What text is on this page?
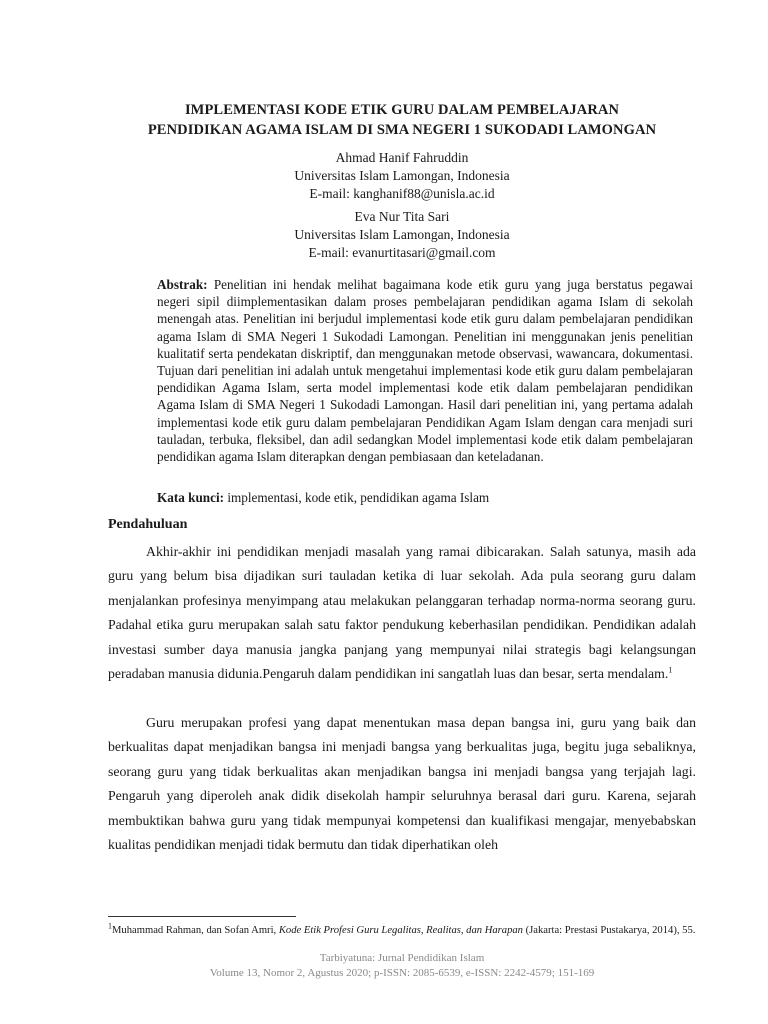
IMPLEMENTASI KODE ETIK GURU DALAM PEMBELAJARAN
PENDIDIKAN AGAMA ISLAM DI SMA NEGERI 1 SUKODADI LAMONGAN
Ahmad Hanif Fahruddin
Universitas Islam Lamongan, Indonesia
E-mail: kanghanif88@unisla.ac.id
Eva Nur Tita Sari
Universitas Islam Lamongan, Indonesia
E-mail: evanurtitasari@gmail.com
Abstrak: Penelitian ini hendak melihat bagaimana kode etik guru yang juga berstatus pegawai negeri sipil diimplementasikan dalam proses pembelajaran pendidikan agama Islam di sekolah menengah atas. Penelitian ini berjudul implementasi kode etik guru dalam pembelajaran pendidikan agama Islam di SMA Negeri 1 Sukodadi Lamongan. Penelitian ini menggunakan jenis penelitian kualitatif serta pendekatan diskriptif, dan menggunakan metode observasi, wawancara, dokumentasi. Tujuan dari penelitian ini adalah untuk mengetahui implementasi kode etik guru dalam pembelajaran pendidikan Agama Islam, serta model implementasi kode etik dalam pembelajaran pendidikan Agama Islam di SMA Negeri 1 Sukodadi Lamongan. Hasil dari penelitian ini, yang pertama adalah implementasi kode etik guru dalam pembelajaran Pendidikan Agam Islam dengan cara menjadi suri tauladan, terbuka, fleksibel, dan adil sedangkan Model implementasi kode etik dalam pembelajaran pendidikan agama Islam diterapkan dengan pembiasaan dan keteladanan.
Kata kunci: implementasi, kode etik, pendidikan agama Islam
Pendahuluan
Akhir-akhir ini pendidikan menjadi masalah yang ramai dibicarakan. Salah satunya, masih ada guru yang belum bisa dijadikan suri tauladan ketika di luar sekolah. Ada pula seorang guru dalam menjalankan profesinya menyimpang atau melakukan pelanggaran terhadap norma-norma seorang guru. Padahal etika guru merupakan salah satu faktor pendukung keberhasilan pendidikan. Pendidikan adalah investasi sumber daya manusia jangka panjang yang mempunyai nilai strategis bagi kelangsungan peradaban manusia didunia.Pengaruh dalam pendidikan ini sangatlah luas dan besar, serta mendalam.$^1$
Guru merupakan profesi yang dapat menentukan masa depan bangsa ini, guru yang baik dan berkualitas dapat menjadikan bangsa ini menjadi bangsa yang berkualitas juga, begitu juga sebaliknya, seorang guru yang tidak berkualitas akan menjadikan bangsa ini menjadi bangsa yang terjajah lagi. Pengaruh yang diperoleh anak didik disekolah hampir seluruhnya berasal dari guru. Karena, sejarah membuktikan bahwa guru yang tidak mempunyai kompetensi dan kualifikasi mengajar, menyebabskan kualitas pendidikan menjadi tidak bermutu dan tidak diperhatikan oleh
$^1$Muhammad Rahman, dan Sofan Amri, Kode Etik Profesi Guru Legalitas, Realitas, dan Harapan (Jakarta: Prestasi Pustakarya, 2014), 55.
Tarbiyatuna: Jurnal Pendidikan Islam
Volume 13, Nomor 2, Agustus 2020; p-ISSN: 2085-6539, e-ISSN: 2242-4579; 151-169
